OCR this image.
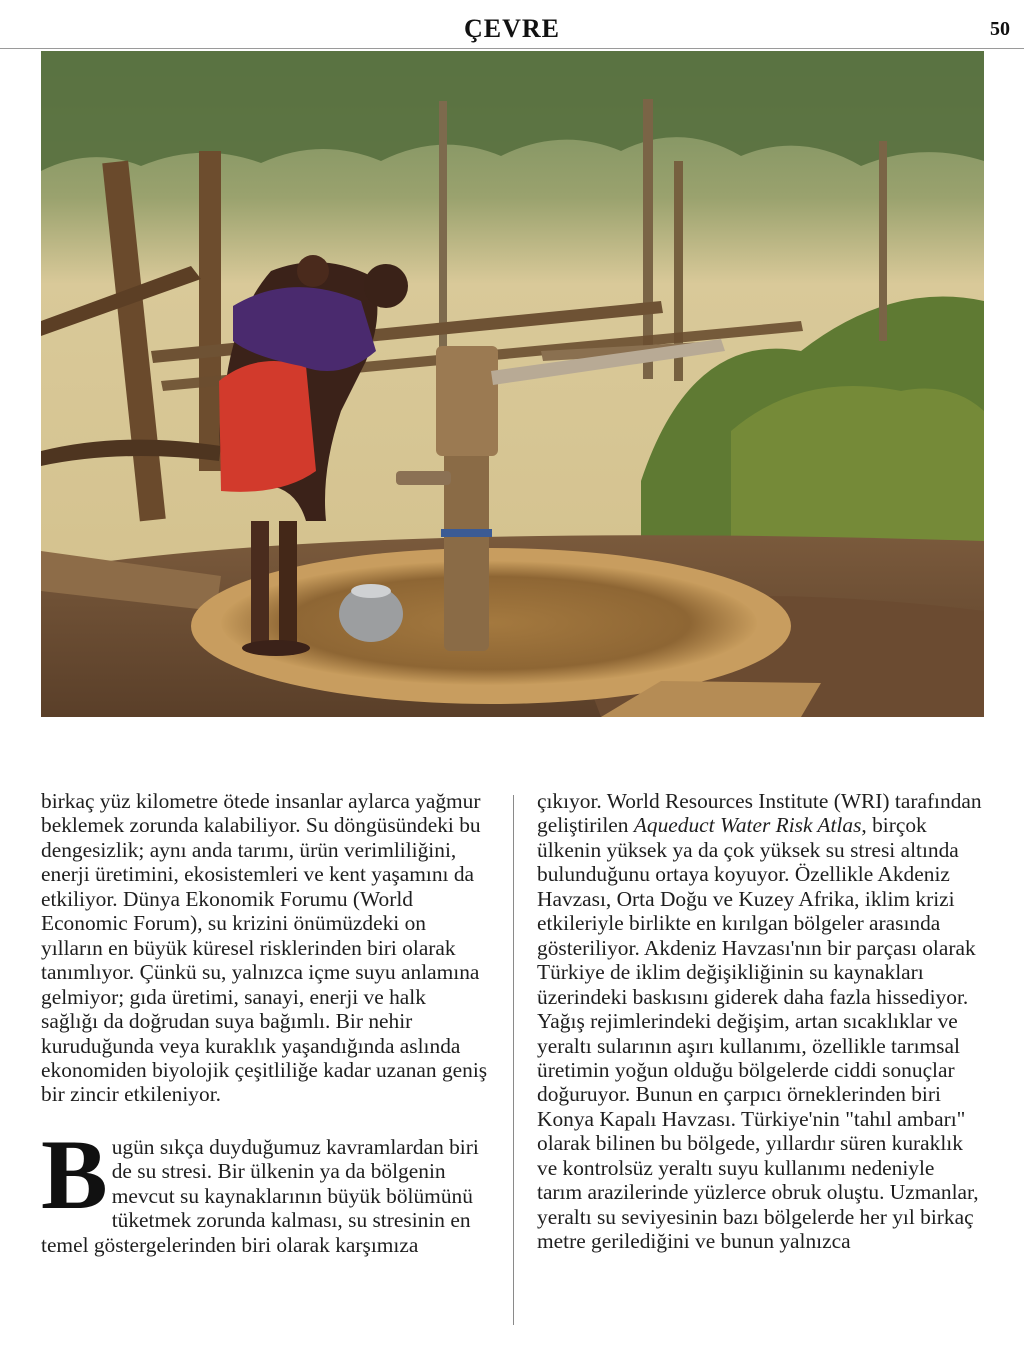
ÇEVRE	50

birkaç yüz kilometre ötede insanlar aylarca yağmur beklemek zorunda kalabiliyor. Su döngüsündeki bu dengesizlik; aynı anda tarımı, ürün verimliliğini, enerji üretimini, ekosistemleri ve kent yaşamını da etkiliyor. Dünya Ekonomik Forumu (World Economic Forum), su krizini önümüzdeki on yılların en büyük küresel risklerinden biri olarak tanımlıyor. Çünkü su, yalnızca içme suyu anlamına gelmiyor; gıda üretimi, sanayi, enerji ve halk sağlığı da doğrudan suya bağımlı. Bir nehir kuruduğunda veya kuraklık yaşandığında aslında ekonomiden biyolojik çeşitliliğe kadar uzanan geniş bir zincir etkileniyor.

Bugün sıkça duyduğumuz kavramlardan biri de su stresi. Bir ülkenin ya da bölgenin mevcut su kaynaklarının büyük bölümünü tüketmek zorunda kalması, su stresinin en temel göstergelerinden biri olarak karşımıza

çıkıyor. World Resources Institute (WRI) tarafından geliştirilen Aqueduct Water Risk Atlas, birçok ülkenin yüksek ya da çok yüksek su stresi altında bulunduğunu ortaya koyuyor. Özellikle Akdeniz Havzası, Orta Doğu ve Kuzey Afrika, iklim krizi etkileriyle birlikte en kırılgan bölgeler arasında gösteriliyor. Akdeniz Havzası'nın bir parçası olarak Türkiye de iklim değişikliğinin su kaynakları üzerindeki baskısını giderek daha fazla hissediyor. Yağış rejimlerindeki değişim, artan sıcaklıklar ve yeraltı sularının aşırı kullanımı, özellikle tarımsal üretimin yoğun olduğu bölgelerde ciddi sonuçlar doğuruyor. Bunun en çarpıcı örneklerinden biri Konya Kapalı Havzası. Türkiye'nin "tahıl ambarı" olarak bilinen bu bölgede, yıllardır süren kuraklık ve kontrolsüz yeraltı suyu kullanımı nedeniyle tarım arazilerinde yüzlerce obruk oluştu. Uzmanlar, yeraltı su seviyesinin bazı bölgelerde her yıl birkaç metre gerilediğini ve bunun yalnızca
